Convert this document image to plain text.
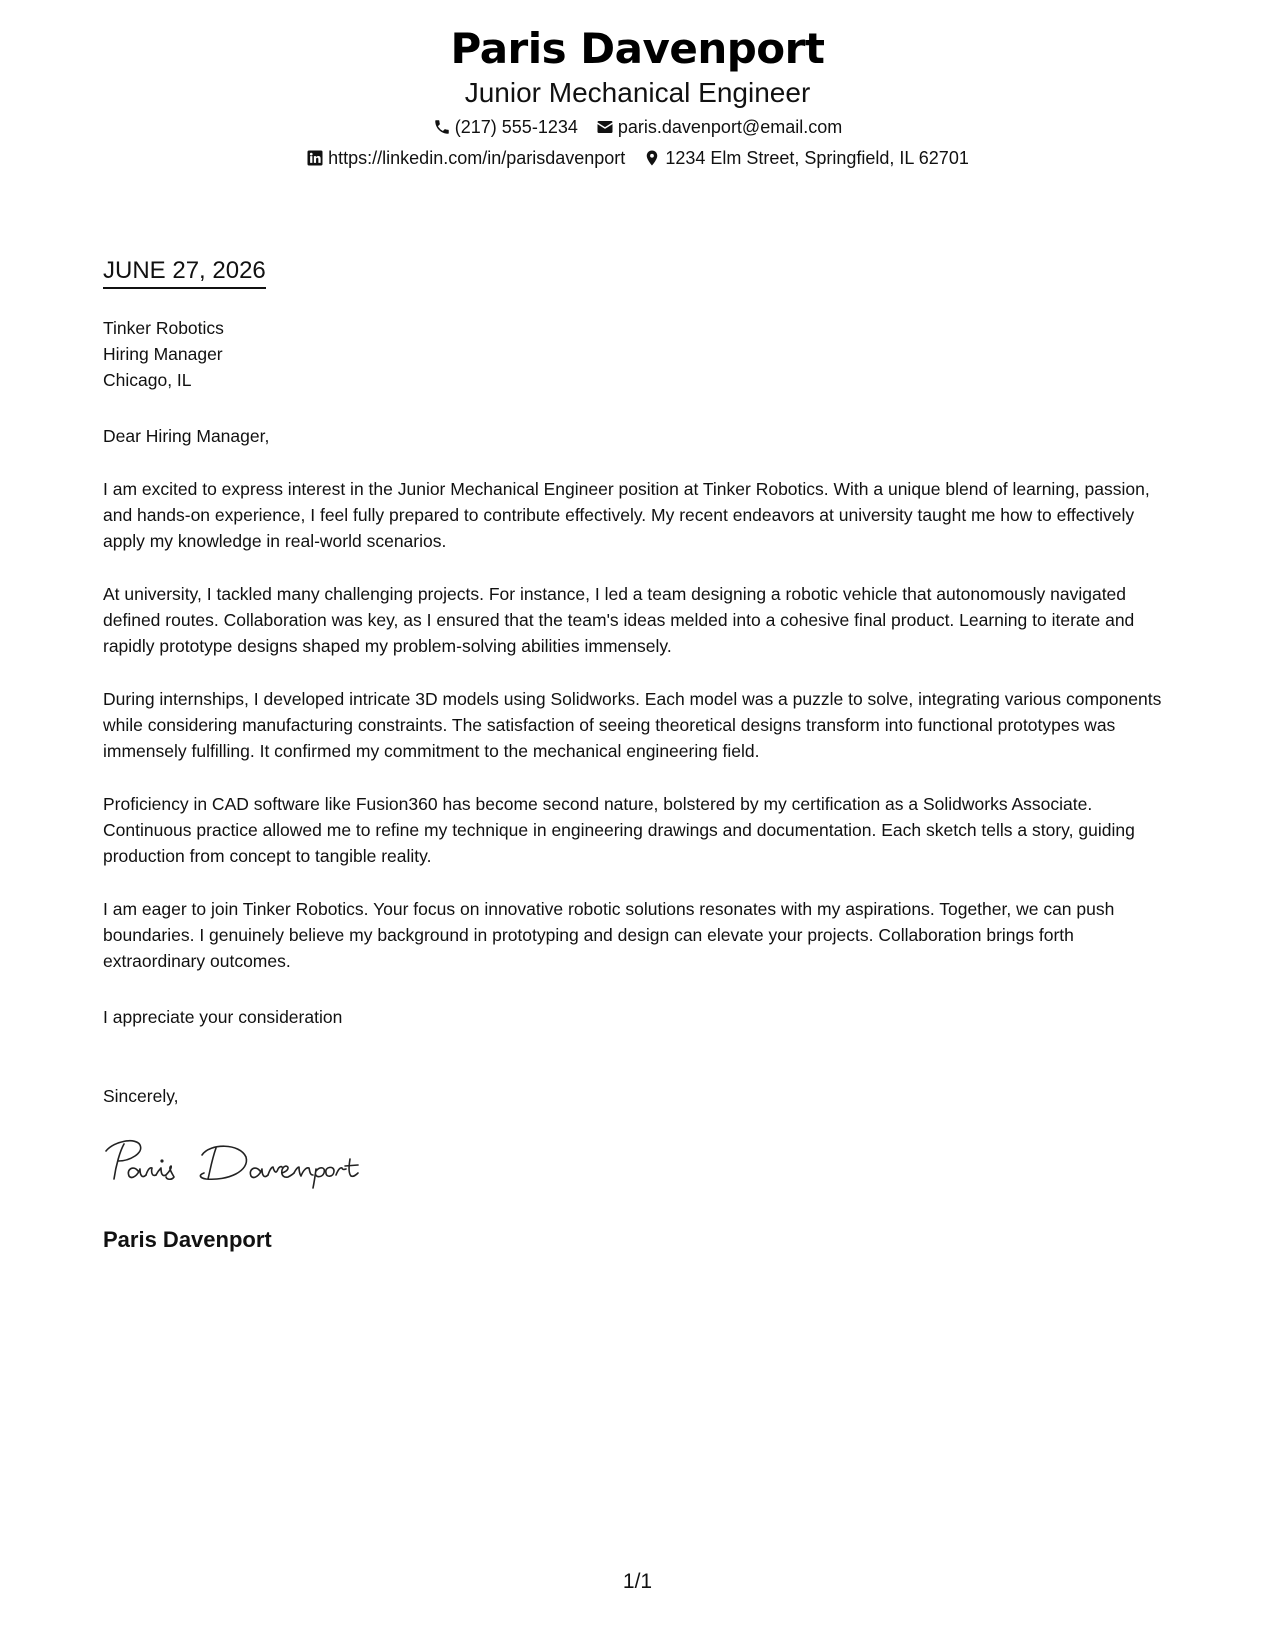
Paris Davenport
Junior Mechanical Engineer
(217) 555-1234 paris.davenport@email.com
https://linkedin.com/in/parisdavenport 1234 Elm Street, Springfield, IL 62701
JUNE 27, 2026
Tinker Robotics
Hiring Manager
Chicago, IL
Dear Hiring Manager,

I am excited to express interest in the Junior Mechanical Engineer position at Tinker Robotics. With a unique blend of learning, passion, and hands-on experience, I feel fully prepared to contribute effectively. My recent endeavors at university taught me how to effectively apply my knowledge in real-world scenarios.

At university, I tackled many challenging projects. For instance, I led a team designing a robotic vehicle that autonomously navigated defined routes. Collaboration was key, as I ensured that the team's ideas melded into a cohesive final product. Learning to iterate and rapidly prototype designs shaped my problem-solving abilities immensely.

During internships, I developed intricate 3D models using Solidworks. Each model was a puzzle to solve, integrating various components while considering manufacturing constraints. The satisfaction of seeing theoretical designs transform into functional prototypes was immensely fulfilling. It confirmed my commitment to the mechanical engineering field.

Proficiency in CAD software like Fusion360 has become second nature, bolstered by my certification as a Solidworks Associate. Continuous practice allowed me to refine my technique in engineering drawings and documentation. Each sketch tells a story, guiding production from concept to tangible reality.

I am eager to join Tinker Robotics. Your focus on innovative robotic solutions resonates with my aspirations. Together, we can push boundaries. I genuinely believe my background in prototyping and design can elevate your projects. Collaboration brings forth extraordinary outcomes.

I appreciate your consideration
Sincerely,
Paris Davenport
1/1
